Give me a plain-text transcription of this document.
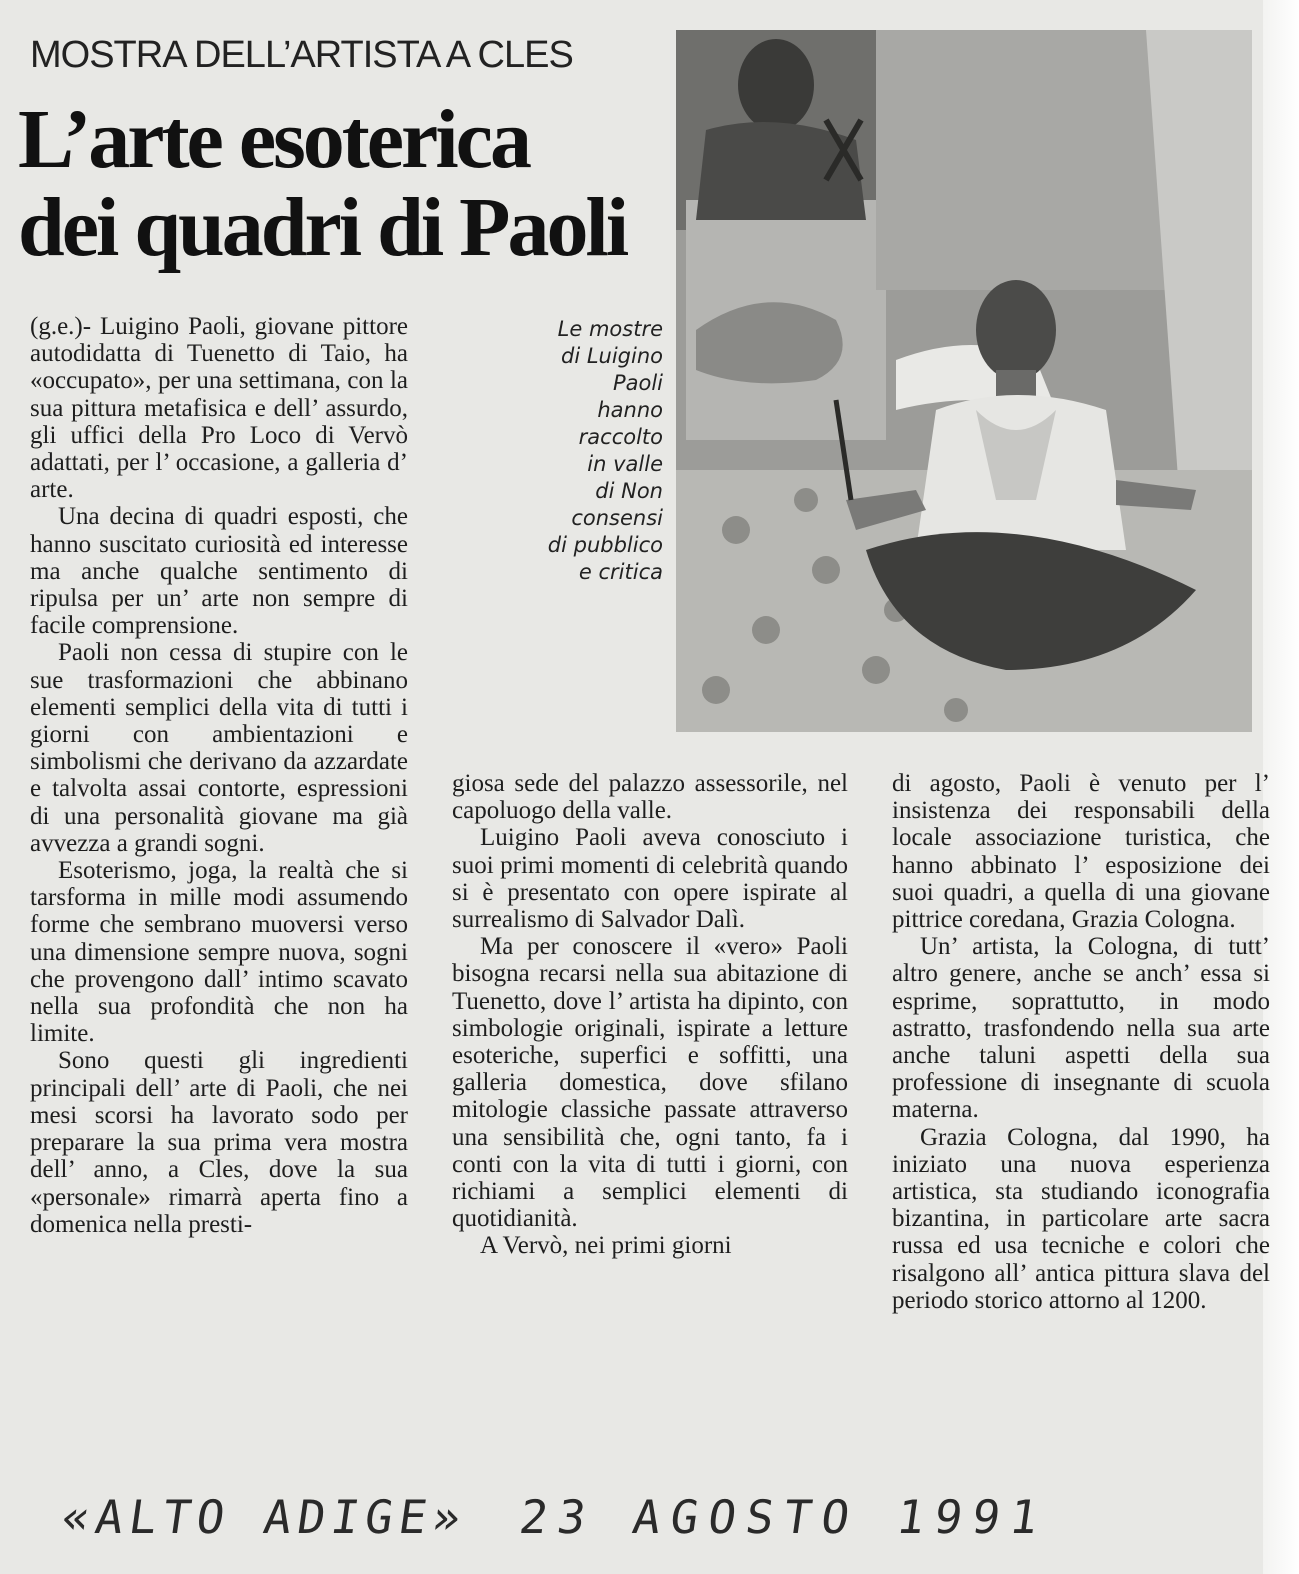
MOSTRA DELL’ARTISTA A CLES
L’arte esoterica
dei quadri di Paoli
Le mostre
di Luigino
Paoli
hanno
raccolto
in valle
di Non
consensi
di pubblico
e critica

(g.e.)- Luigino Paoli, giovane pittore autodidatta di Tuenetto di Taio, ha «occupato», per una settimana, con la sua pittura metafisica e dell’ assurdo, gli uffici della Pro Loco di Vervò adattati, per l’ occasione, a galleria d’ arte.

Una decina di quadri esposti, che hanno suscitato curiosità ed interesse ma anche qualche sentimento di ripulsa per un’ arte non sempre di facile comprensione.

Paoli non cessa di stupire con le sue trasformazioni che abbinano elementi semplici della vita di tutti i giorni con ambientazioni e simbolismi che derivano da azzardate e talvolta assai contorte, espressioni di una personalità giovane ma già avvezza a grandi sogni.

Esoterismo, joga, la realtà che si tarsforma in mille modi assumendo forme che sembrano muoversi verso una dimensione sempre nuova, sogni che provengono dall’ intimo scavato nella sua profondità che non ha limite.

Sono questi gli ingredienti principali dell’ arte di Paoli, che nei mesi scorsi ha lavorato sodo per preparare la sua prima vera mostra dell’ anno, a Cles, dove la sua «personale» rimarrà aperta fino a domenica nella presti-

giosa sede del palazzo assessorile, nel capoluogo della valle.

Luigino Paoli aveva conosciuto i suoi primi momenti di celebrità quando si è presentato con opere ispirate al surrealismo di Salvador Dalì.

Ma per conoscere il «vero» Paoli bisogna recarsi nella sua abitazione di Tuenetto, dove l’ artista ha dipinto, con simbologie originali, ispirate a letture esoteriche, superfici e soffitti, una galleria domestica, dove sfilano mitologie classiche passate attraverso una sensibilità che, ogni tanto, fa i conti con la vita di tutti i giorni, con richiami a semplici elementi di quotidianità.

A Vervò, nei primi giorni

di agosto, Paoli è venuto per l’ insistenza dei responsabili della locale associazione turistica, che hanno abbinato l’ esposizione dei suoi quadri, a quella di una giovane pittrice coredana, Grazia Cologna.

Un’ artista, la Cologna, di tutt’ altro genere, anche se anch’ essa si esprime, soprattutto, in modo astratto, trasfondendo nella sua arte anche taluni aspetti della sua professione di insegnante di scuola materna.

Grazia Cologna, dal 1990, ha iniziato una nuova esperienza artistica, sta studiando iconografia bizantina, in particolare arte sacra russa ed usa tecniche e colori che risalgono all’ antica pittura slava del periodo storico attorno al 1200.

«ALTO ADIGE» 23 AGOSTO 1991
